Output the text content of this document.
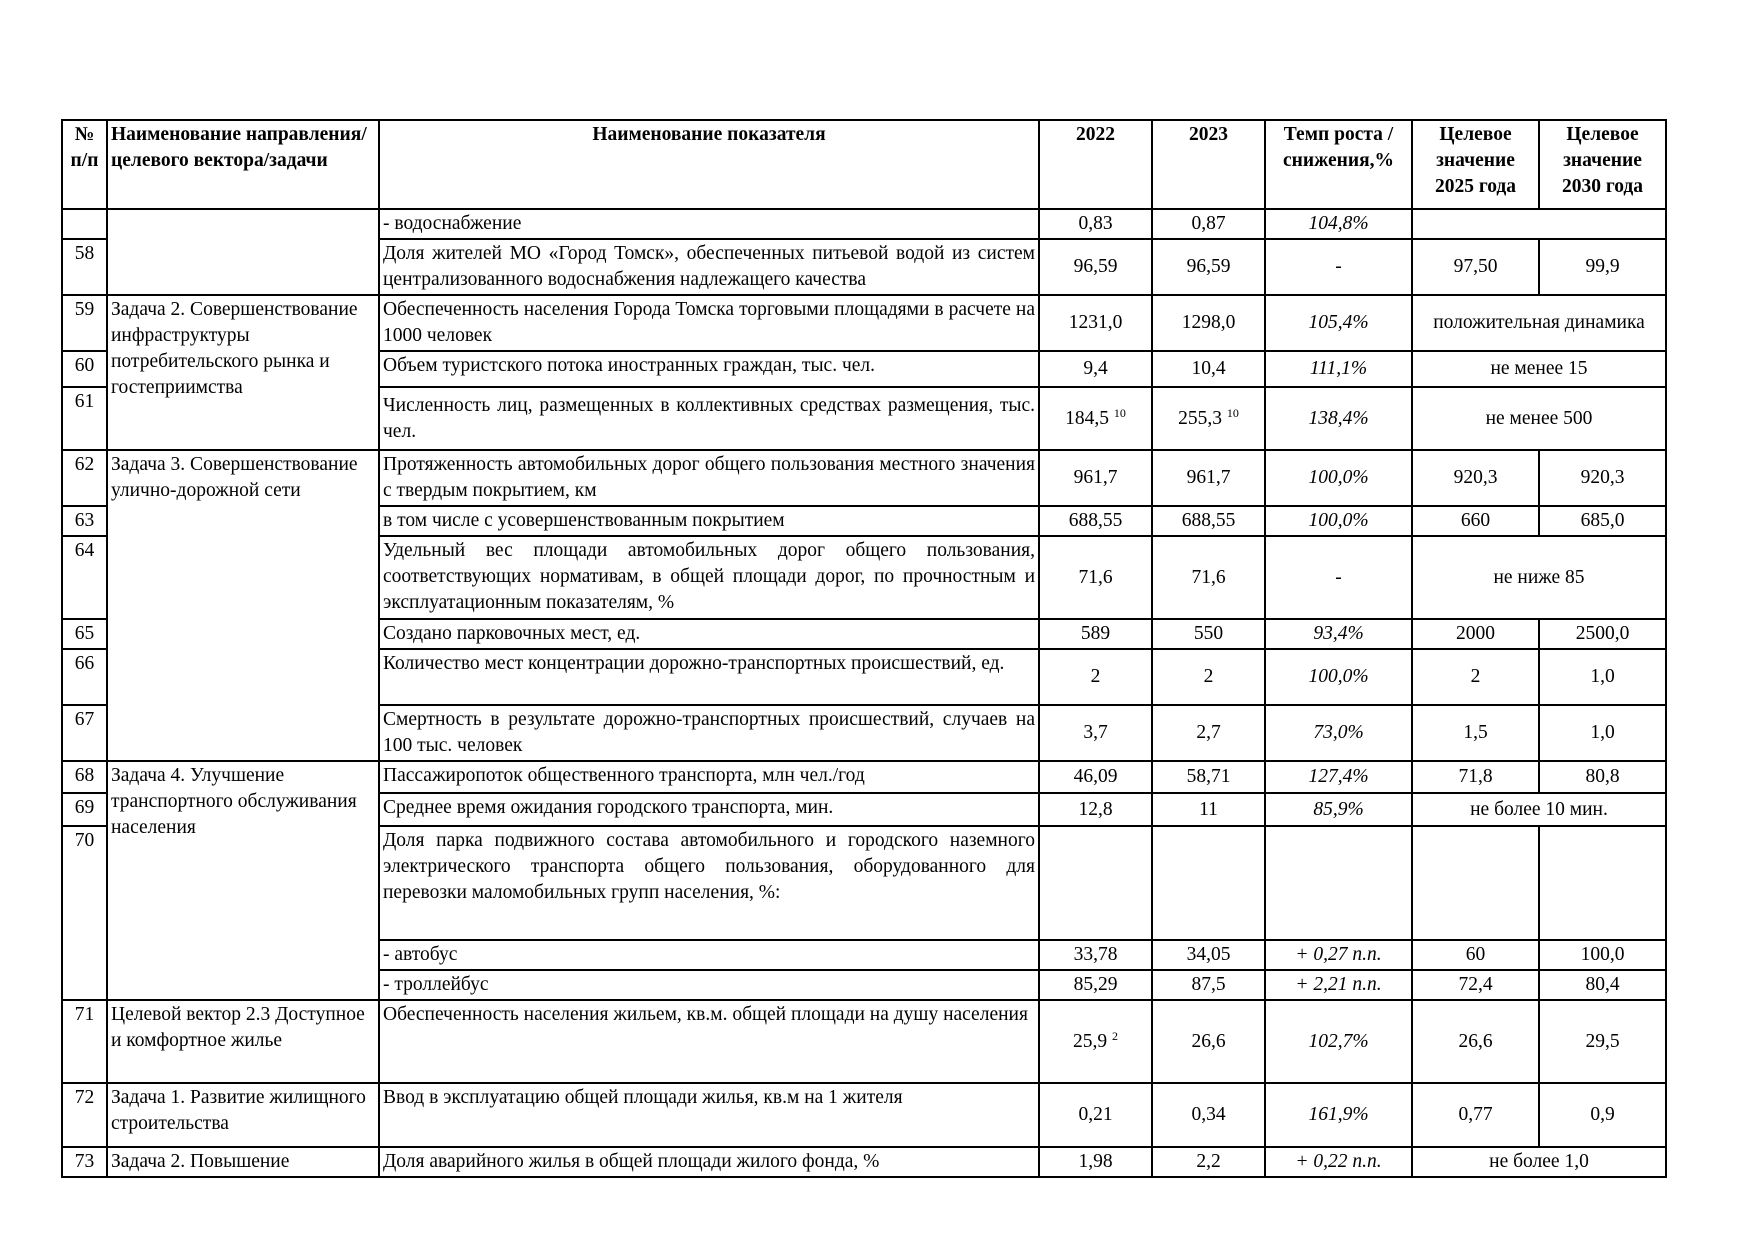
№ п/п	Наименование направления/целевого вектора/задачи	Наименование показателя	2022	2023	Темп роста / снижения,%	Целевое значение 2025 года	Целевое значение 2030 года
		- водоснабжение	0,83	0,87	104,8%		
58		Доля жителей МО «Город Томск», обеспеченных питьевой водой из систем централизованного водоснабжения надлежащего качества	96,59	96,59	-	97,50	99,9
59	Задача 2. Совершенствование инфраструктуры потребительского рынка и гостеприимства	Обеспеченность населения Города Томска торговыми площадями в расчете на 1000 человек	1231,0	1298,0	105,4%	положительная динамика	
60		Объем туристского потока иностранных граждан, тыс. чел.	9,4	10,4	111,1%	не менее 15	
61		Численность лиц, размещенных в коллективных средствах размещения, тыс. чел.	184,5 $^{10}$	255,3 $^{10}$	138,4%	не менее 500	
62	Задача 3. Совершенствование улично-дорожной сети	Протяженность автомобильных дорог общего пользования местного значения с твердым покрытием, км	961,7	961,7	100,0%	920,3	920,3
63		в том числе с усовершенствованным покрытием	688,55	688,55	100,0%	660	685,0
64		Удельный вес площади автомобильных дорог общего пользования, соответствующих нормативам, в общей площади дорог, по прочностным и эксплуатационным показателям, %	71,6	71,6	-	не ниже 85	
65		Создано парковочных мест, ед.	589	550	93,4%	2000	2500,0
66		Количество мест концентрации дорожно-транспортных происшествий, ед.	2	2	100,0%	2	1,0
67		Смертность в результате дорожно-транспортных происшествий, случаев на 100 тыс. человек	3,7	2,7	73,0%	1,5	1,0
68	Задача 4. Улучшение транспортного обслуживания населения	Пассажиропоток общественного транспорта, млн чел./год	46,09	58,71	127,4%	71,8	80,8
69		Среднее время ожидания городского транспорта, мин.	12,8	11	85,9%	не более 10 мин.	
70		Доля парка подвижного состава автомобильного и городского наземного электрического транспорта общего пользования, оборудованного для перевозки маломобильных групп населения, %:					
		- автобус	33,78	34,05	+ 0,27 п.п.	60	100,0
		- троллейбус	85,29	87,5	+ 2,21 п.п.	72,4	80,4
71	Целевой вектор 2.3 Доступное и комфортное жилье	Обеспеченность населения жильем, кв.м. общей площади на душу населения	25,9 $^2$	26,6	102,7%	26,6	29,5
72	Задача 1. Развитие жилищного строительства	Ввод в эксплуатацию общей площади жилья, кв.м на 1 жителя	0,21	0,34	161,9%	0,77	0,9
73	Задача 2. Повышение	Доля аварийного жилья в общей площади жилого фонда, %	1,98	2,2	+ 0,22 п.п.	не более 1,0	
